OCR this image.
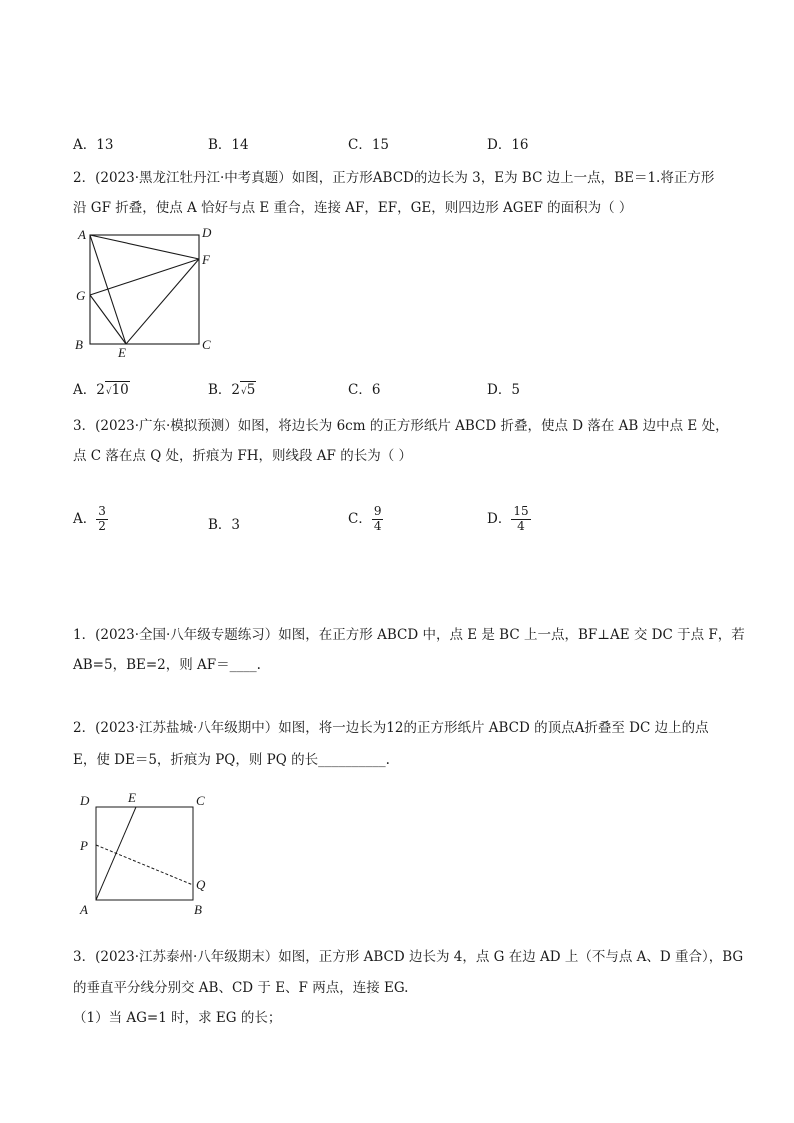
A．13	B．14	C．15	D．16
2．(2023·黑龙江牡丹江·中考真题）如图，正方形ABCD的边长为 3，E为 BC 边上一点，BE＝1.将正方形
沿 GF 折叠，使点 A 恰好与点 E 重合，连接 AF，EF，GE，则四边形 AGEF 的面积为（ ）
A	D
F
G
B
E
C
A．2√10	B．2√5	C．6	D．5
3．(2023·广东·模拟预测）如图，将边长为 6cm 的正方形纸片 ABCD 折叠，使点 D 落在 AB 边中点 E 处，
点 C 落在点 Q 处，折痕为 FH，则线段 AF 的长为（ ）
A． $\frac{3}{2}$	B．3	C． $\frac{9}{4}$	D． $\frac{15}{4}$
1．(2023·全国·八年级专题练习）如图，在正方形 ABCD 中，点 E 是 BC 上一点，BF⊥AE 交 DC 于点 F，若
AB=5，BE=2，则 AF＝____.
2．(2023·江苏盐城·八年级期中）如图，将一边长为12的正方形纸片 ABCD 的顶点A折叠至 DC 边上的点
E，使 DE＝5，折痕为 PQ，则 PQ 的长__________.
D	E	C
P
Q
A	B
3．(2023·江苏泰州·八年级期末）如图，正方形 ABCD 边长为 4，点 G 在边 AD 上（不与点 A、D 重合），BG
的垂直平分线分别交 AB、CD 于 E、F 两点，连接 EG.
（1）当 AG=1 时，求 EG 的长；
